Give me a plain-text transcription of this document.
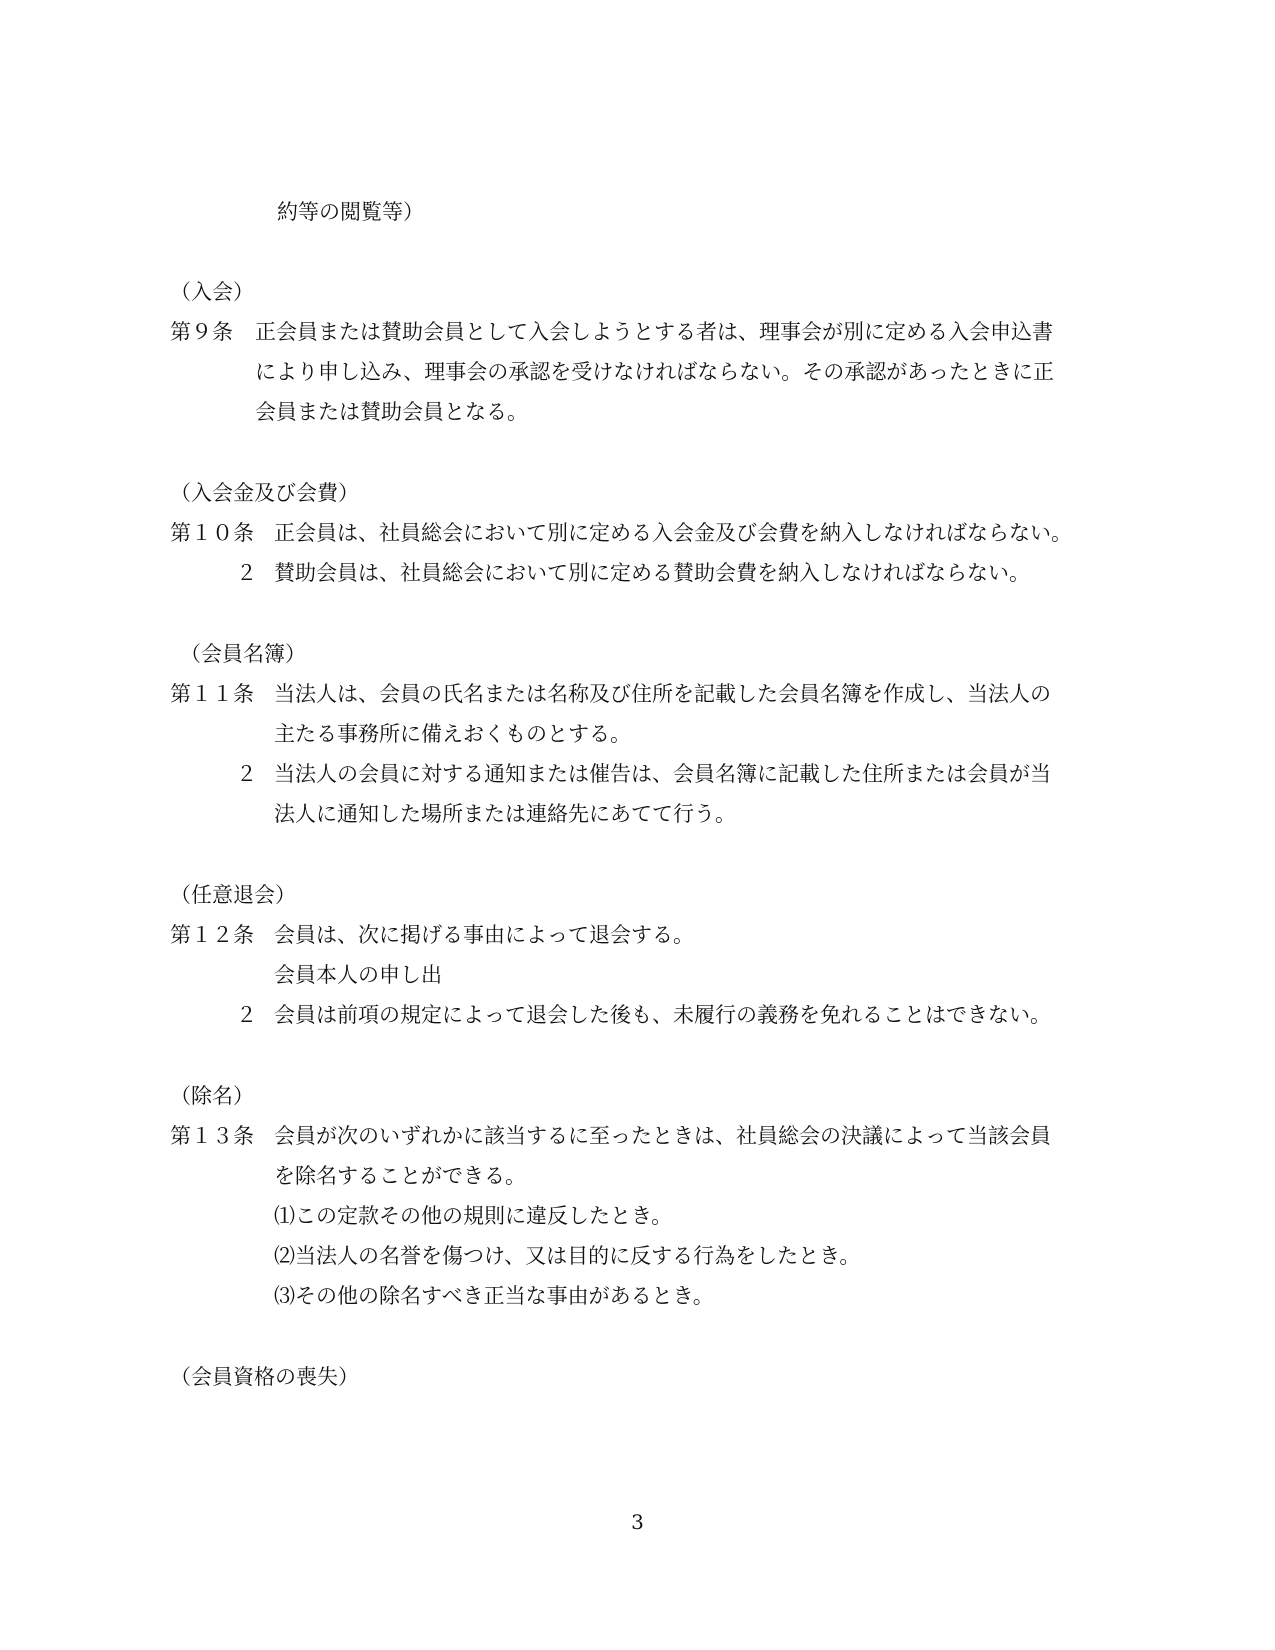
約等の閲覧等）
（入会）
第９条 正会員または賛助会員として入会しようとする者は、理事会が別に定める入会申込書
により申し込み、理事会の承認を受けなければならない。その承認があったときに正
会員または賛助会員となる。
（入会金及び会費）
第１０条 正会員は、社員総会において別に定める入会金及び会費を納入しなければならない。
２ 賛助会員は、社員総会において別に定める賛助会費を納入しなければならない。
（会員名簿）
第１１条 当法人は、会員の氏名または名称及び住所を記載した会員名簿を作成し、当法人の
主たる事務所に備えおくものとする。
２ 当法人の会員に対する通知または催告は、会員名簿に記載した住所または会員が当
法人に通知した場所または連絡先にあてて行う。
（任意退会）
第１２条 会員は、次に掲げる事由によって退会する。
会員本人の申し出
２ 会員は前項の規定によって退会した後も、未履行の義務を免れることはできない。
（除名）
第１３条 会員が次のいずれかに該当するに至ったときは、社員総会の決議によって当該会員
を除名することができる。
⑴この定款その他の規則に違反したとき。
⑵当法人の名誉を傷つけ、又は目的に反する行為をしたとき。
⑶その他の除名すべき正当な事由があるとき。
（会員資格の喪失）
3
